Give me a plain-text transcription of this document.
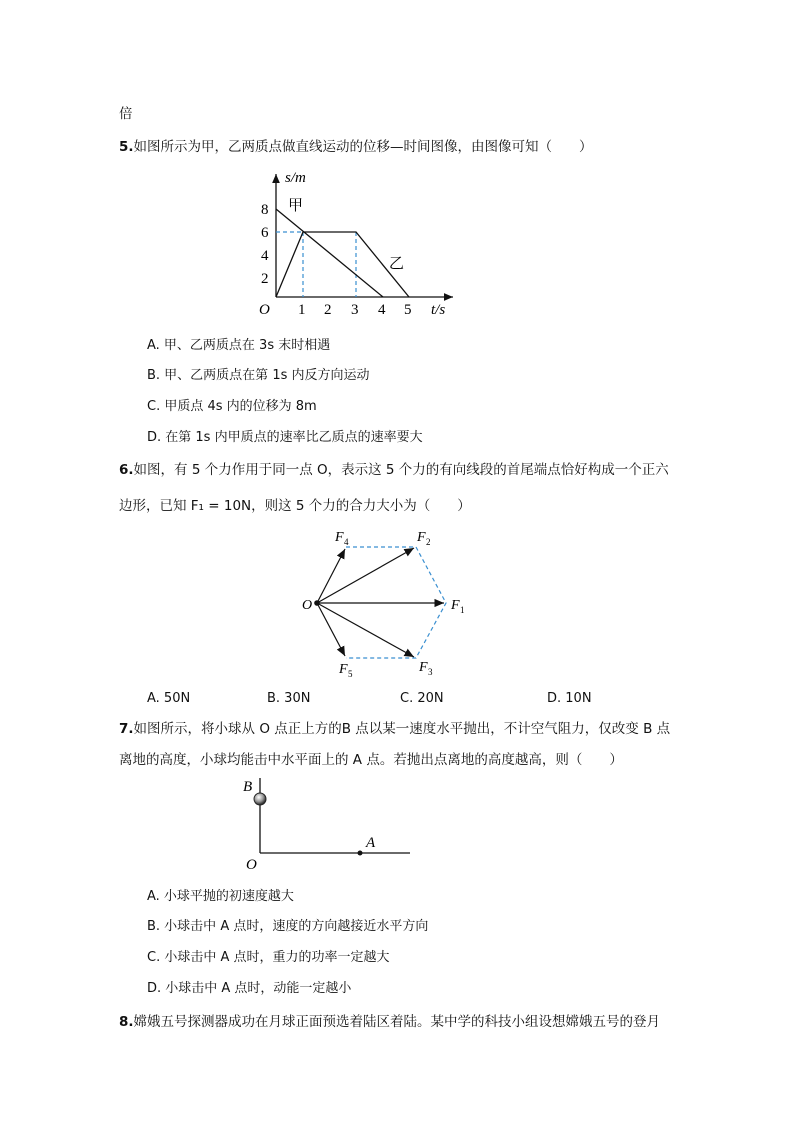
倍
5.如图所示为甲，乙两质点做直线运动的位移—时间图像，由图像可知（　　）
s/m
t/s
O
8
6
4
2
1 2 3 4 5
甲
乙
A. 甲、乙两质点在 3s 末时相遇
B. 甲、乙两质点在第 1s 内反方向运动
C. 甲质点 4s 内的位移为 8m
D. 在第 1s 内甲质点的速率比乙质点的速率要大
6.如图，有 5 个力作用于同一点 O，表示这 5 个力的有向线段的首尾端点恰好构成一个正六
边形，已知 F₁ = 10N，则这 5 个力的合力大小为（　　）
O
F 4	F 2
F 1
F 3
F 5
A. 50N	B. 30N	C. 20N	D. 10N
7.如图所示，将小球从 O 点正上方的B 点以某一速度水平抛出，不计空气阻力，仅改变 B 点
离地的高度，小球均能击中水平面上的 A 点。若抛出点离地的高度越高，则（　　）
B
O
A
A. 小球平抛的初速度越大
B. 小球击中 A 点时，速度的方向越接近水平方向
C. 小球击中 A 点时，重力的功率一定越大
D. 小球击中 A 点时，动能一定越小
8.嫦娥五号探测器成功在月球正面预选着陆区着陆。某中学的科技小组设想嫦娥五号的登月
